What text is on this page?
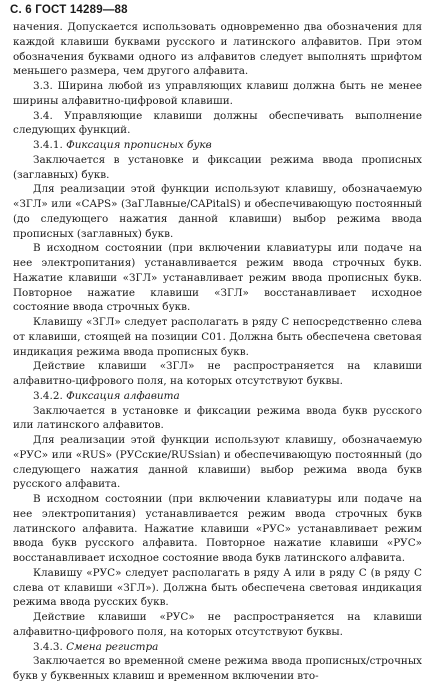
С. 6 ГОСТ 14289—88

начения. Допускается использовать одновременно два обозначения для каждой клавиши буквами русского и латинского алфавитов. При этом обозначения буквами одного из алфавитов следует выполнять шрифтом меньшего размера, чем другого алфавита.

3.3. Ширина любой из управляющих клавиш должна быть не менее ширины алфавитно-цифровой клавиши.

3.4. Управляющие клавиши должны обеспечивать выполнение следующих функций.

3.4.1. Фиксация прописных букв

Заключается в установке и фиксации режима ввода прописных (заглавных) букв.

Для реализации этой функции используют клавишу, обозначаемую «ЗГЛ» или «CAPS» (ЗаГЛавные/CAPitalS) и обеспечивающую постоянный (до следующего нажатия данной клавиши) выбор режима ввода прописных (заглавных) букв.

В исходном состоянии (при включении клавиатуры или подаче на нее электропитания) устанавливается режим ввода строчных букв. Нажатие клавиши «ЗГЛ» устанавливает режим ввода прописных букв. Повторное нажатие клавиши «ЗГЛ» восстанавливает исходное состояние ввода строчных букв.

Клавишу «ЗГЛ» следует располагать в ряду С непосредственно слева от клавиши, стоящей на позиции С01. Должна быть обеспечена световая индикация режима ввода прописных букв.

Действие клавиши «ЗГЛ» не распространяется на клавиши алфавитно-цифрового поля, на которых отсутствуют буквы.

3.4.2. Фиксация алфавита

Заключается в установке и фиксации режима ввода букв русского или латинского алфавитов.

Для реализации этой функции используют клавишу, обозначаемую «РУС» или «RUS» (РУСские/RUSsian) и обеспечивающую постоянный (до следующего нажатия данной клавиши) выбор режима ввода букв русского алфавита.

В исходном состоянии (при включении клавиатуры или подаче на нее электропитания) устанавливается режим ввода строчных букв латинского алфавита. Нажатие клавиши «РУС» устанавливает режим ввода букв русского алфавита. Повторное нажатие клавиши «РУС» восстанавливает исходное состояние ввода букв латинского алфавита.

Клавишу «РУС» следует располагать в ряду А или в ряду С (в ряду С слева от клавиши «ЗГЛ»). Должна быть обеспечена световая индикация режима ввода русских букв.

Действие клавиши «РУС» не распространяется на клавиши алфавитно-цифрового поля, на которых отсутствуют буквы.

3.4.3. Смена регистра

Заключается во временной смене режима ввода прописных/строчных букв у буквенных клавиш и временном включении вто-
